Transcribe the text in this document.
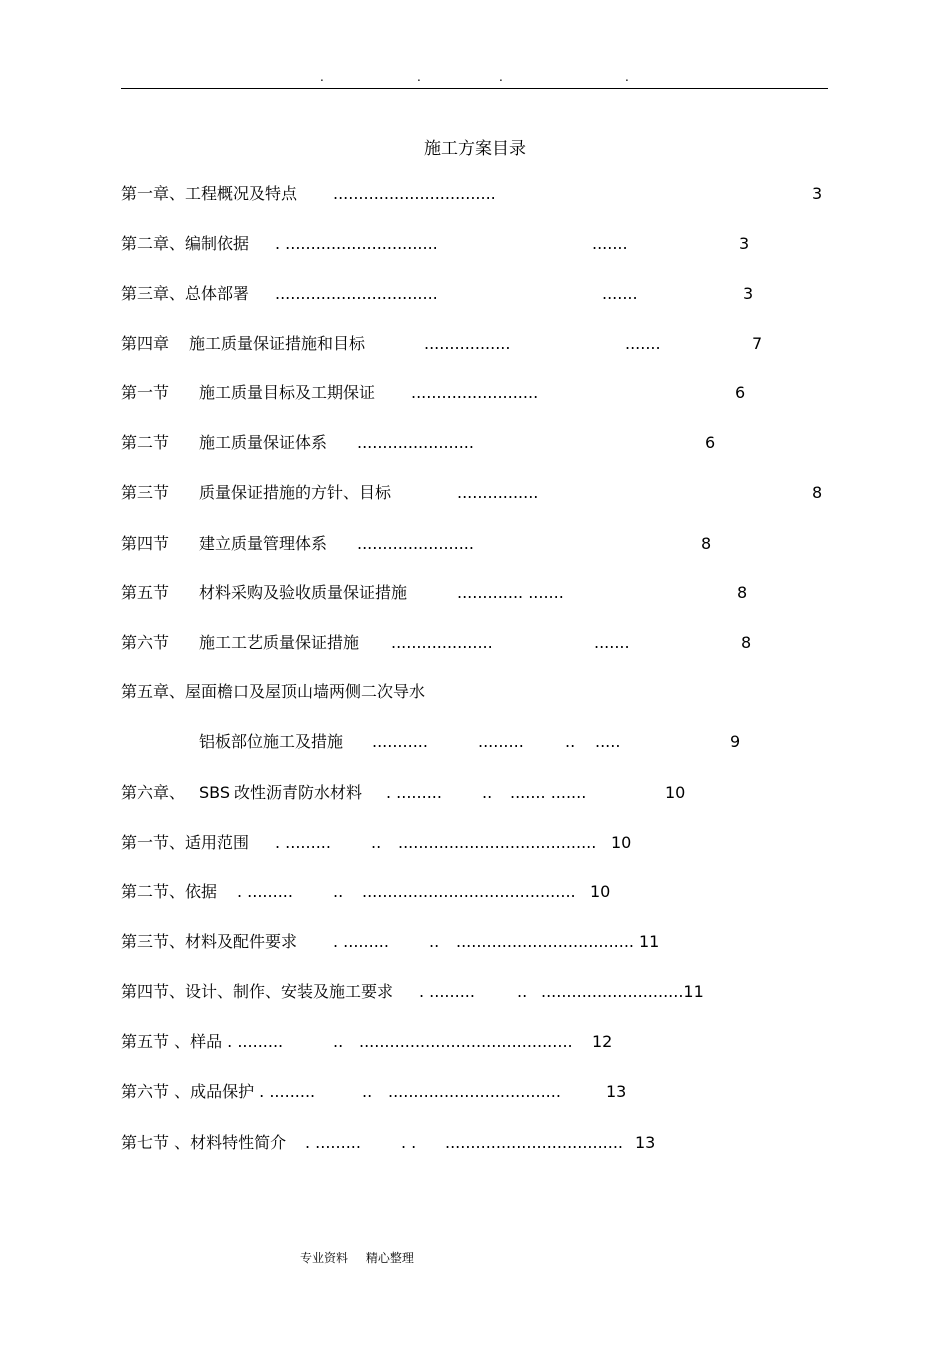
.	.	.	.
施工方案目录
第一章、工程概况及特点 ................................	3
第二章、编制依据 . ..............................	.......	3
第三章、总体部署 ................................	.......	3
第四章 施工质量保证措施和目标	.................	.......	7
第一节 施工质量目标及工期保证 .........................	6
第二节 施工质量保证体系 .......................	6
第三节 质量保证措施的方针、目标	................	8
第四节 建立质量管理体系 .......................	8
第五节 材料采购及验收质量保证措施	............. .......	8
第六节 施工工艺质量保证措施 ....................	.......	8
第五章、屋面檐口及屋顶山墙两侧二次导水
铝板部位施工及措施 ...........	.........	.. .....	9
第六章、 SBS 改性沥青防水材料 . .........	.. ....... .......	10
第一节、适用范围 . .........	.. ....................................... 10
第二节、依据 . .........	.. .......................................... 10
第三节、材料及配件要求 . .........	.. ................................... 11
第四节、设计、制作、安装及施工要求 . .........	.. ............................11
第五节 、样品 . .........	.. .......................................... 12
第六节 、成品保护 . .........	.. ..................................	13
第七节 、材料特性简介 . .........	. . ................................... 13
专业资料 精心整理
